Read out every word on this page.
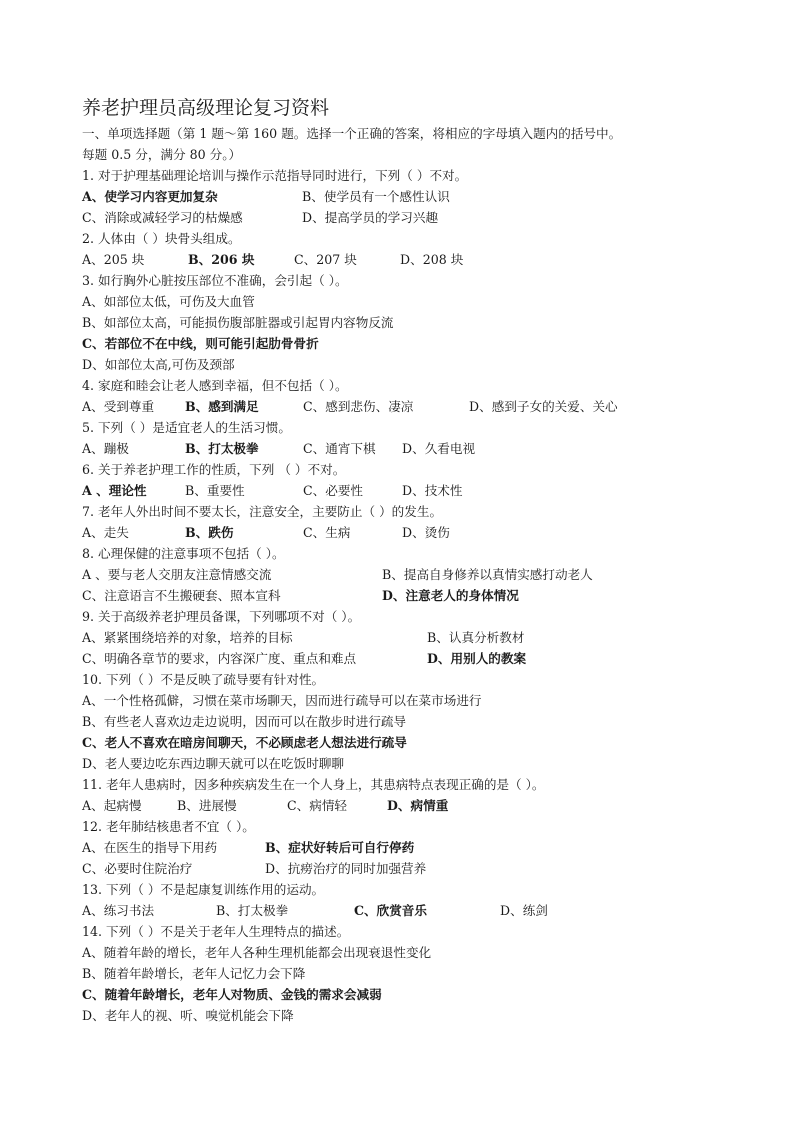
养老护理员高级理论复习资料
一、单项选择题（第 1 题～第 160 题。选择一个正确的答案，将相应的字母填入题内的括号中。
每题 0.5 分，满分 80 分。）
1. 对于护理基础理论培训与操作示范指导同时进行，下列（ ）不对。
A、使学习内容更加复杂	B、使学员有一个感性认识
C、消除或减轻学习的枯燥感	D、提高学员的学习兴趣
2. 人体由（ ）块骨头组成。
A、205 块	B、206 块	C、207 块	D、208 块
3. 如行胸外心脏按压部位不准确，会引起（ ）。
A、如部位太低，可伤及大血管
B、如部位太高，可能损伤腹部脏器或引起胃内容物反流
C、若部位不在中线，则可能引起肋骨骨折
D、如部位太高,可伤及颈部
4. 家庭和睦会让老人感到幸福，但不包括（ ）。
A、受到尊重 B、感到满足	C、感到悲伤、凄凉	D、感到子女的关爱、关心
5. 下列（ ）是适宜老人的生活习惯。
A、蹦极	B、打太极拳	C、通宵下棋 D、久看电视
6. 关于养老护理工作的性质，下列 （ ）不对。
A 、理论性	B、重要性	C、必要性	D、技术性
7. 老年人外出时间不要太长，注意安全，主要防止（ ）的发生。
A、走失	B、跌伤	C、生病	D、烫伤
8. 心理保健的注意事项不包括（ ）。
A 、要与老人交朋友注意情感交流	B、提高自身修养以真情实感打动老人
C、注意语言不生搬硬套、照本宣科	D、注意老人的身体情况
9. 关于高级养老护理员备课，下列哪项不对（ ）。
A、紧紧围绕培养的对象，培养的目标	B、认真分析教材
C、明确各章节的要求，内容深广度、重点和难点	D、用别人的教案
10. 下列（ ）不是反映了疏导要有针对性。
A、一个性格孤僻，习惯在菜市场聊天，因而进行疏导可以在菜市场进行
B、有些老人喜欢边走边说明，因而可以在散步时进行疏导
C、老人不喜欢在暗房间聊天，不必顾虑老人想法进行疏导
D、老人要边吃东西边聊天就可以在吃饭时聊聊
11. 老年人患病时，因多种疾病发生在一个人身上，其患病特点表现正确的是（ ）。
A、起病慢	B、进展慢	C、病情轻	D、病情重
12. 老年肺结核患者不宜（ ）。
A、在医生的指导下用药	B、症状好转后可自行停药
C、必要时住院治疗	D、抗痨治疗的同时加强营养
13. 下列（ ）不是起康复训练作用的运动。
A、练习书法	B、打太极拳	C、欣赏音乐	D、练剑
14. 下列（ ）不是关于老年人生理特点的描述。
A、随着年龄的增长，老年人各种生理机能都会出现衰退性变化
B、随着年龄增长，老年人记忆力会下降
C、随着年龄增长，老年人对物质、金钱的需求会减弱
D、老年人的视、听、嗅觉机能会下降
